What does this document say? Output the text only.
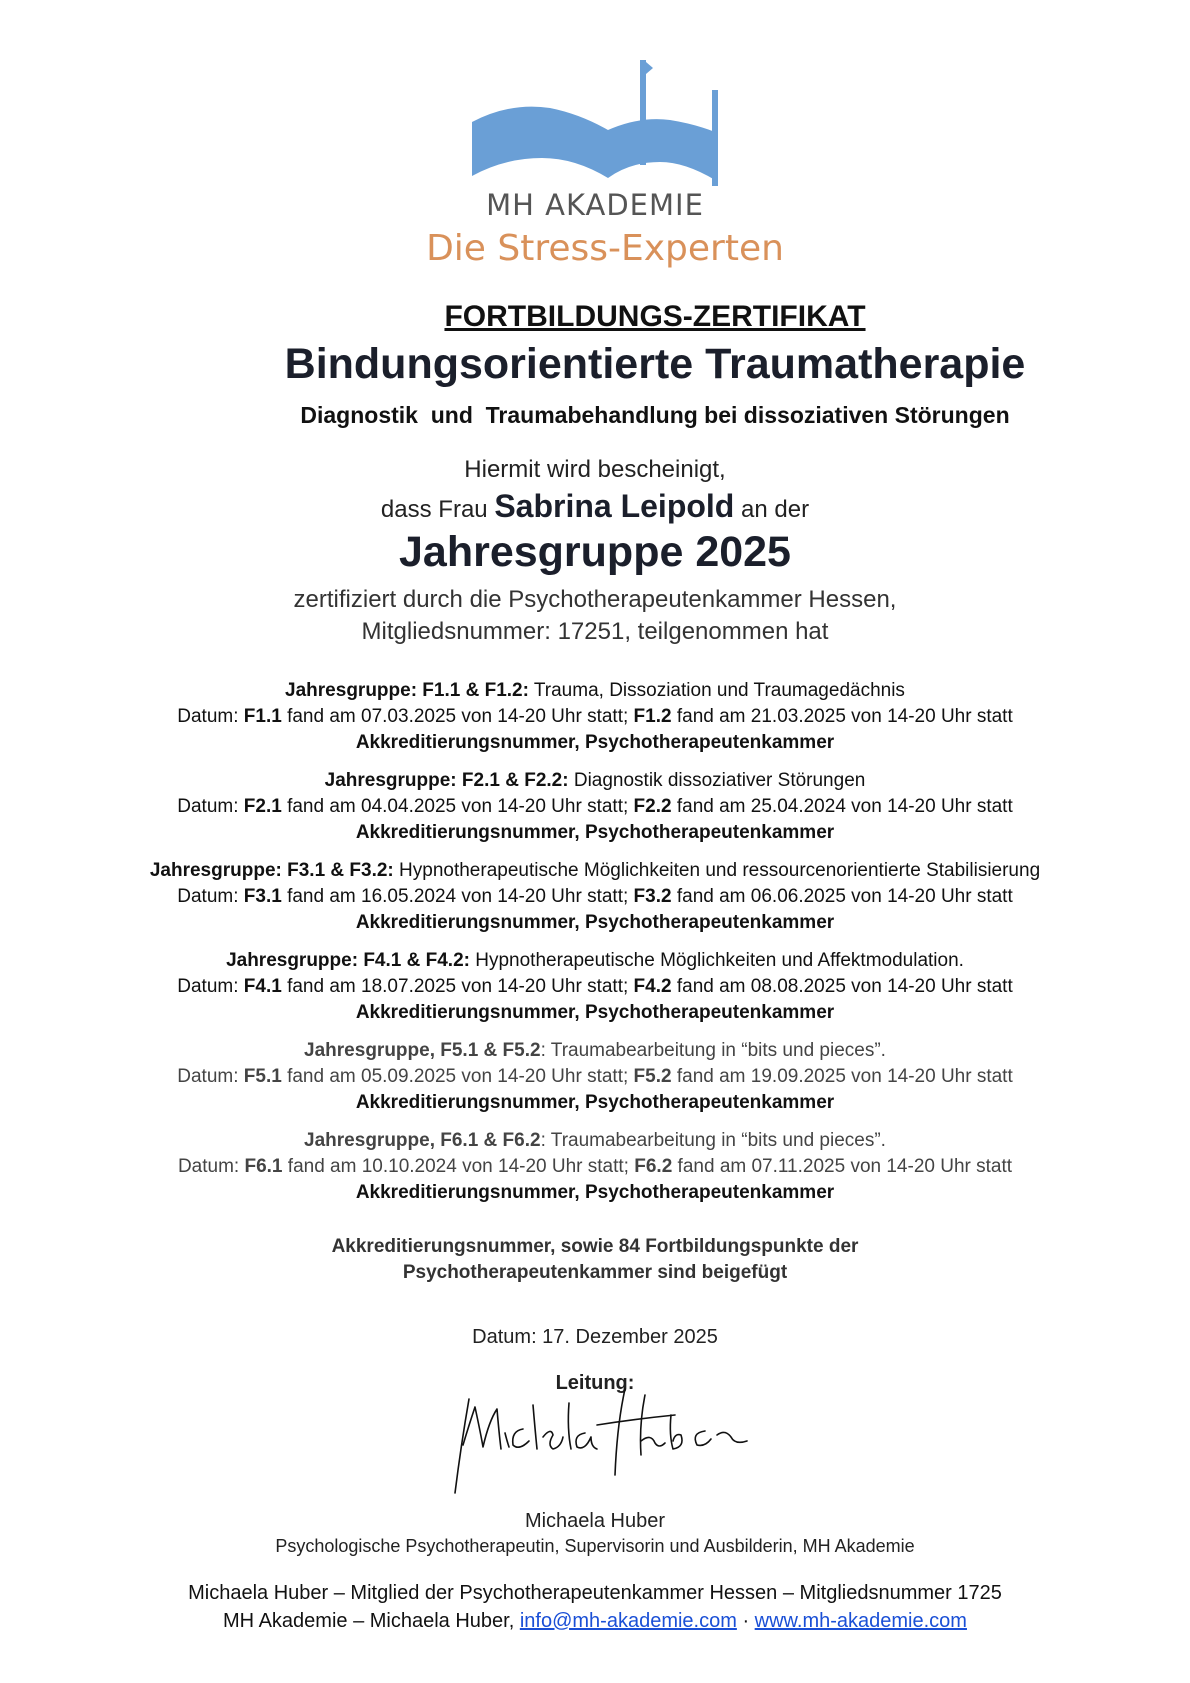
MH AKADEMIE
Die Stress-Experten
FORTBILDUNGS-ZERTIFIKAT
Bindungsorientierte Traumatherapie
Diagnostik  und  Traumabehandlung bei dissoziativen Störungen
Hiermit wird bescheinigt,
dass Frau Sabrina Leipold an der
Jahresgruppe 2025
zertifiziert durch die Psychotherapeutenkammer Hessen,
Mitgliedsnummer: 17251, teilgenommen hat
Jahresgruppe: F1.1 & F1.2: Trauma, Dissoziation und Traumagedächnis
Datum: F1.1 fand am 07.03.2025 von 14-20 Uhr statt; F1.2 fand am 21.03.2025 von 14-20 Uhr statt
Akkreditierungsnummer, Psychotherapeutenkammer
Jahresgruppe: F2.1 & F2.2: Diagnostik dissoziativer Störungen
Datum: F2.1 fand am 04.04.2025 von 14-20 Uhr statt; F2.2 fand am 25.04.2024 von 14-20 Uhr statt
Akkreditierungsnummer, Psychotherapeutenkammer
Jahresgruppe: F3.1 & F3.2: Hypnotherapeutische Möglichkeiten und ressourcenorientierte Stabilisierung
Datum: F3.1 fand am 16.05.2024 von 14-20 Uhr statt; F3.2 fand am 06.06.2025 von 14-20 Uhr statt
Akkreditierungsnummer, Psychotherapeutenkammer
Jahresgruppe: F4.1 & F4.2: Hypnotherapeutische Möglichkeiten und Affektmodulation.
Datum: F4.1 fand am 18.07.2025 von 14-20 Uhr statt; F4.2 fand am 08.08.2025 von 14-20 Uhr statt
Akkreditierungsnummer, Psychotherapeutenkammer
Jahresgruppe, F5.1 & F5.2: Traumabearbeitung in “bits und pieces”.
Datum: F5.1 fand am 05.09.2025 von 14-20 Uhr statt; F5.2 fand am 19.09.2025 von 14-20 Uhr statt
Akkreditierungsnummer, Psychotherapeutenkammer
Jahresgruppe, F6.1 & F6.2: Traumabearbeitung in “bits und pieces”.
Datum: F6.1 fand am 10.10.2024 von 14-20 Uhr statt; F6.2 fand am 07.11.2025 von 14-20 Uhr statt
Akkreditierungsnummer, Psychotherapeutenkammer
Akkreditierungsnummer, sowie 84 Fortbildungspunkte der
Psychotherapeutenkammer sind beigefügt
Datum: 17. Dezember 2025
Leitung:
Michaela Huber
Psychologische Psychotherapeutin, Supervisorin und Ausbilderin, MH Akademie
Michaela Huber – Mitglied der Psychotherapeutenkammer Hessen – Mitgliedsnummer 1725
MH Akademie – Michaela Huber, info@mh-akademie.com · www.mh-akademie.com
